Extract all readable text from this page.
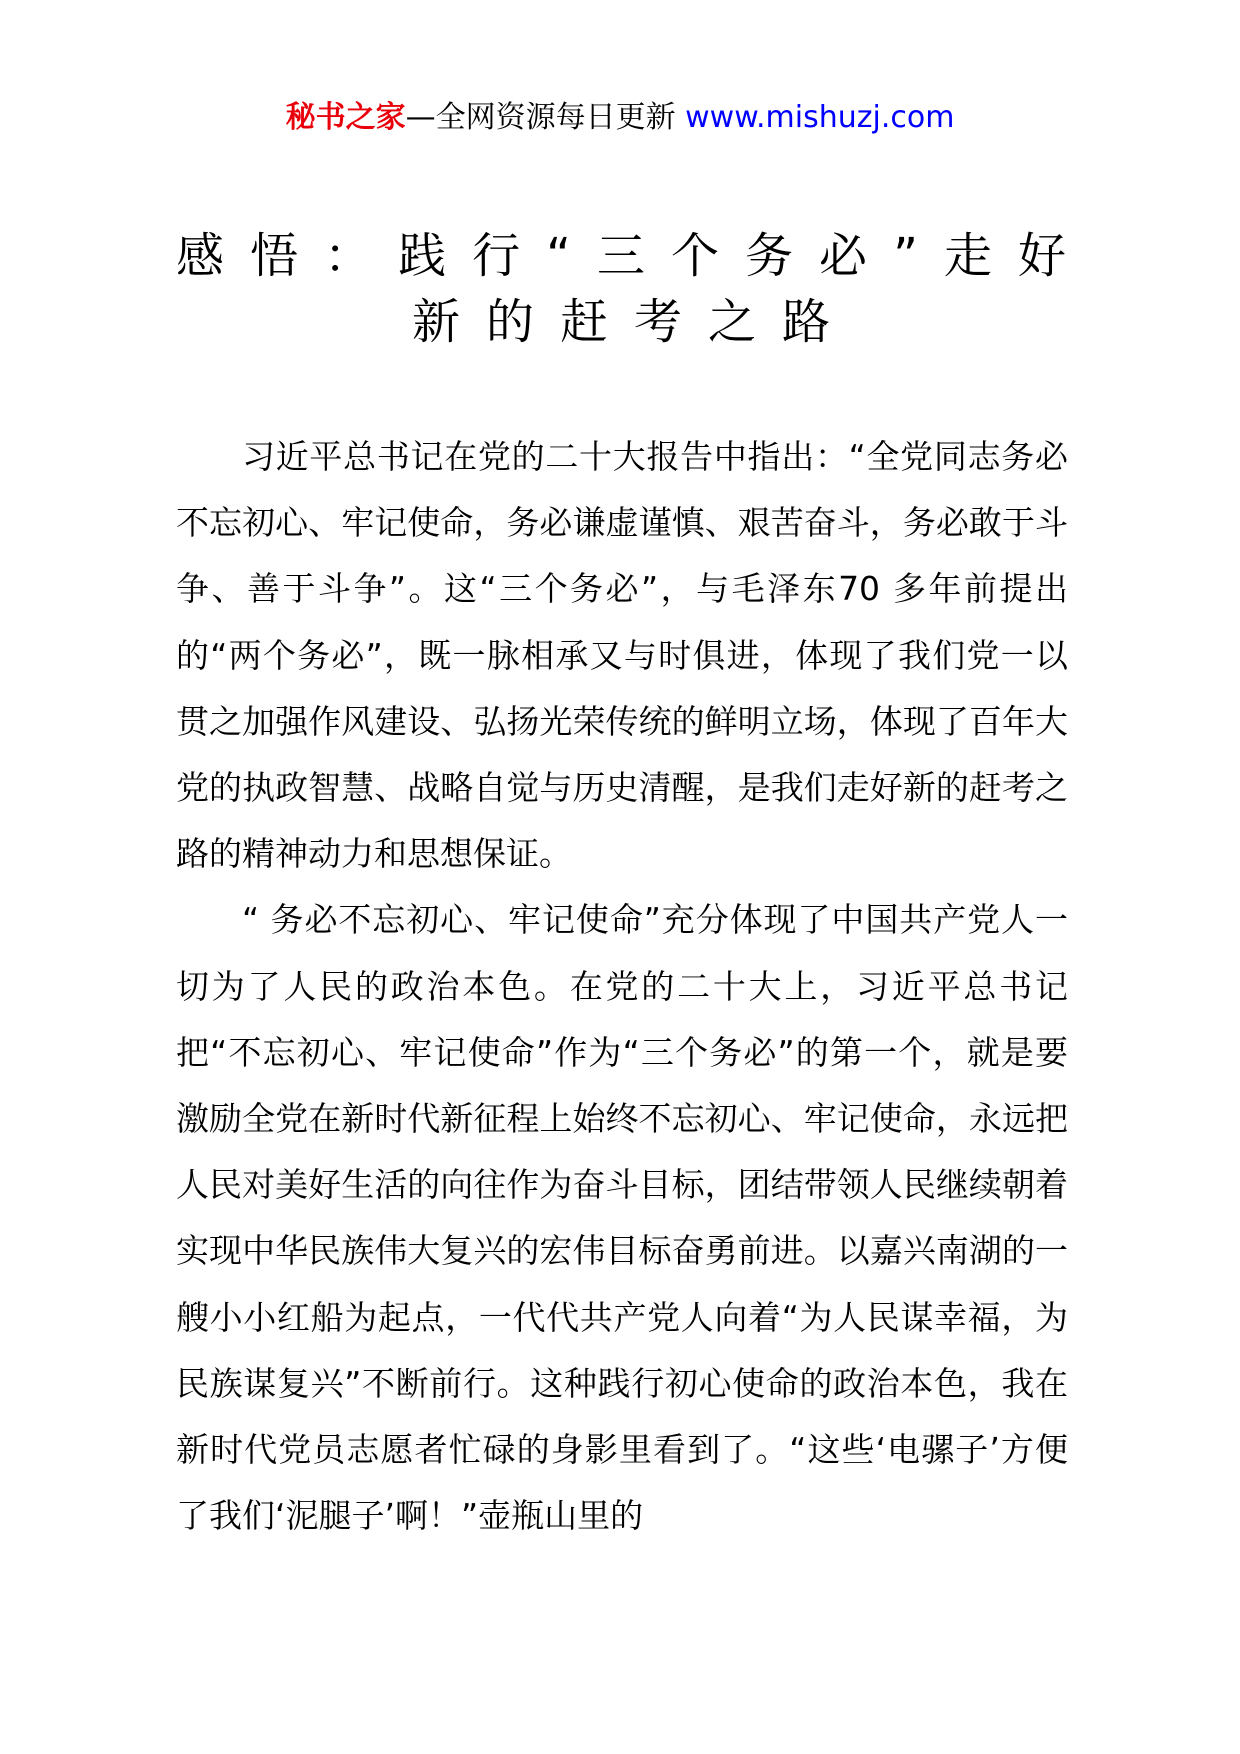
秘书之家—全网资源每日更新 www.mishuzj.com
感悟：践行“三个务必”走好
新的赶考之路

习近平总书记在党的二十大报告中指出：“全党同志务必不忘初心、牢记使命，务必谦虚谨慎、艰苦奋斗，务必敢于斗争、善于斗争”。这“三个务必”，与毛泽东70 多年前提出的“两个务必”，既一脉相承又与时俱进，体现了我们党一以贯之加强作风建设、弘扬光荣传统的鲜明立场，体现了百年大党的执政智慧、战略自觉与历史清醒，是我们走好新的赶考之路的精神动力和思想保证。

“ 务必不忘初心、牢记使命”充分体现了中国共产党人一切为了人民的政治本色。在党的二十大上，习近平总书记把“不忘初心、牢记使命”作为“三个务必”的第一个，就是要激励全党在新时代新征程上始终不忘初心、牢记使命，永远把人民对美好生活的向往作为奋斗目标，团结带领人民继续朝着实现中华民族伟大复兴的宏伟目标奋勇前进。以嘉兴南湖的一艘小小红船为起点，一代代共产党人向着“为人民谋幸福，为民族谋复兴”不断前行。这种践行初心使命的政治本色，我在新时代党员志愿者忙碌的身影里看到了。“这些‘电骡子’方便了我们‘泥腿子’啊！”壶瓶山里的
